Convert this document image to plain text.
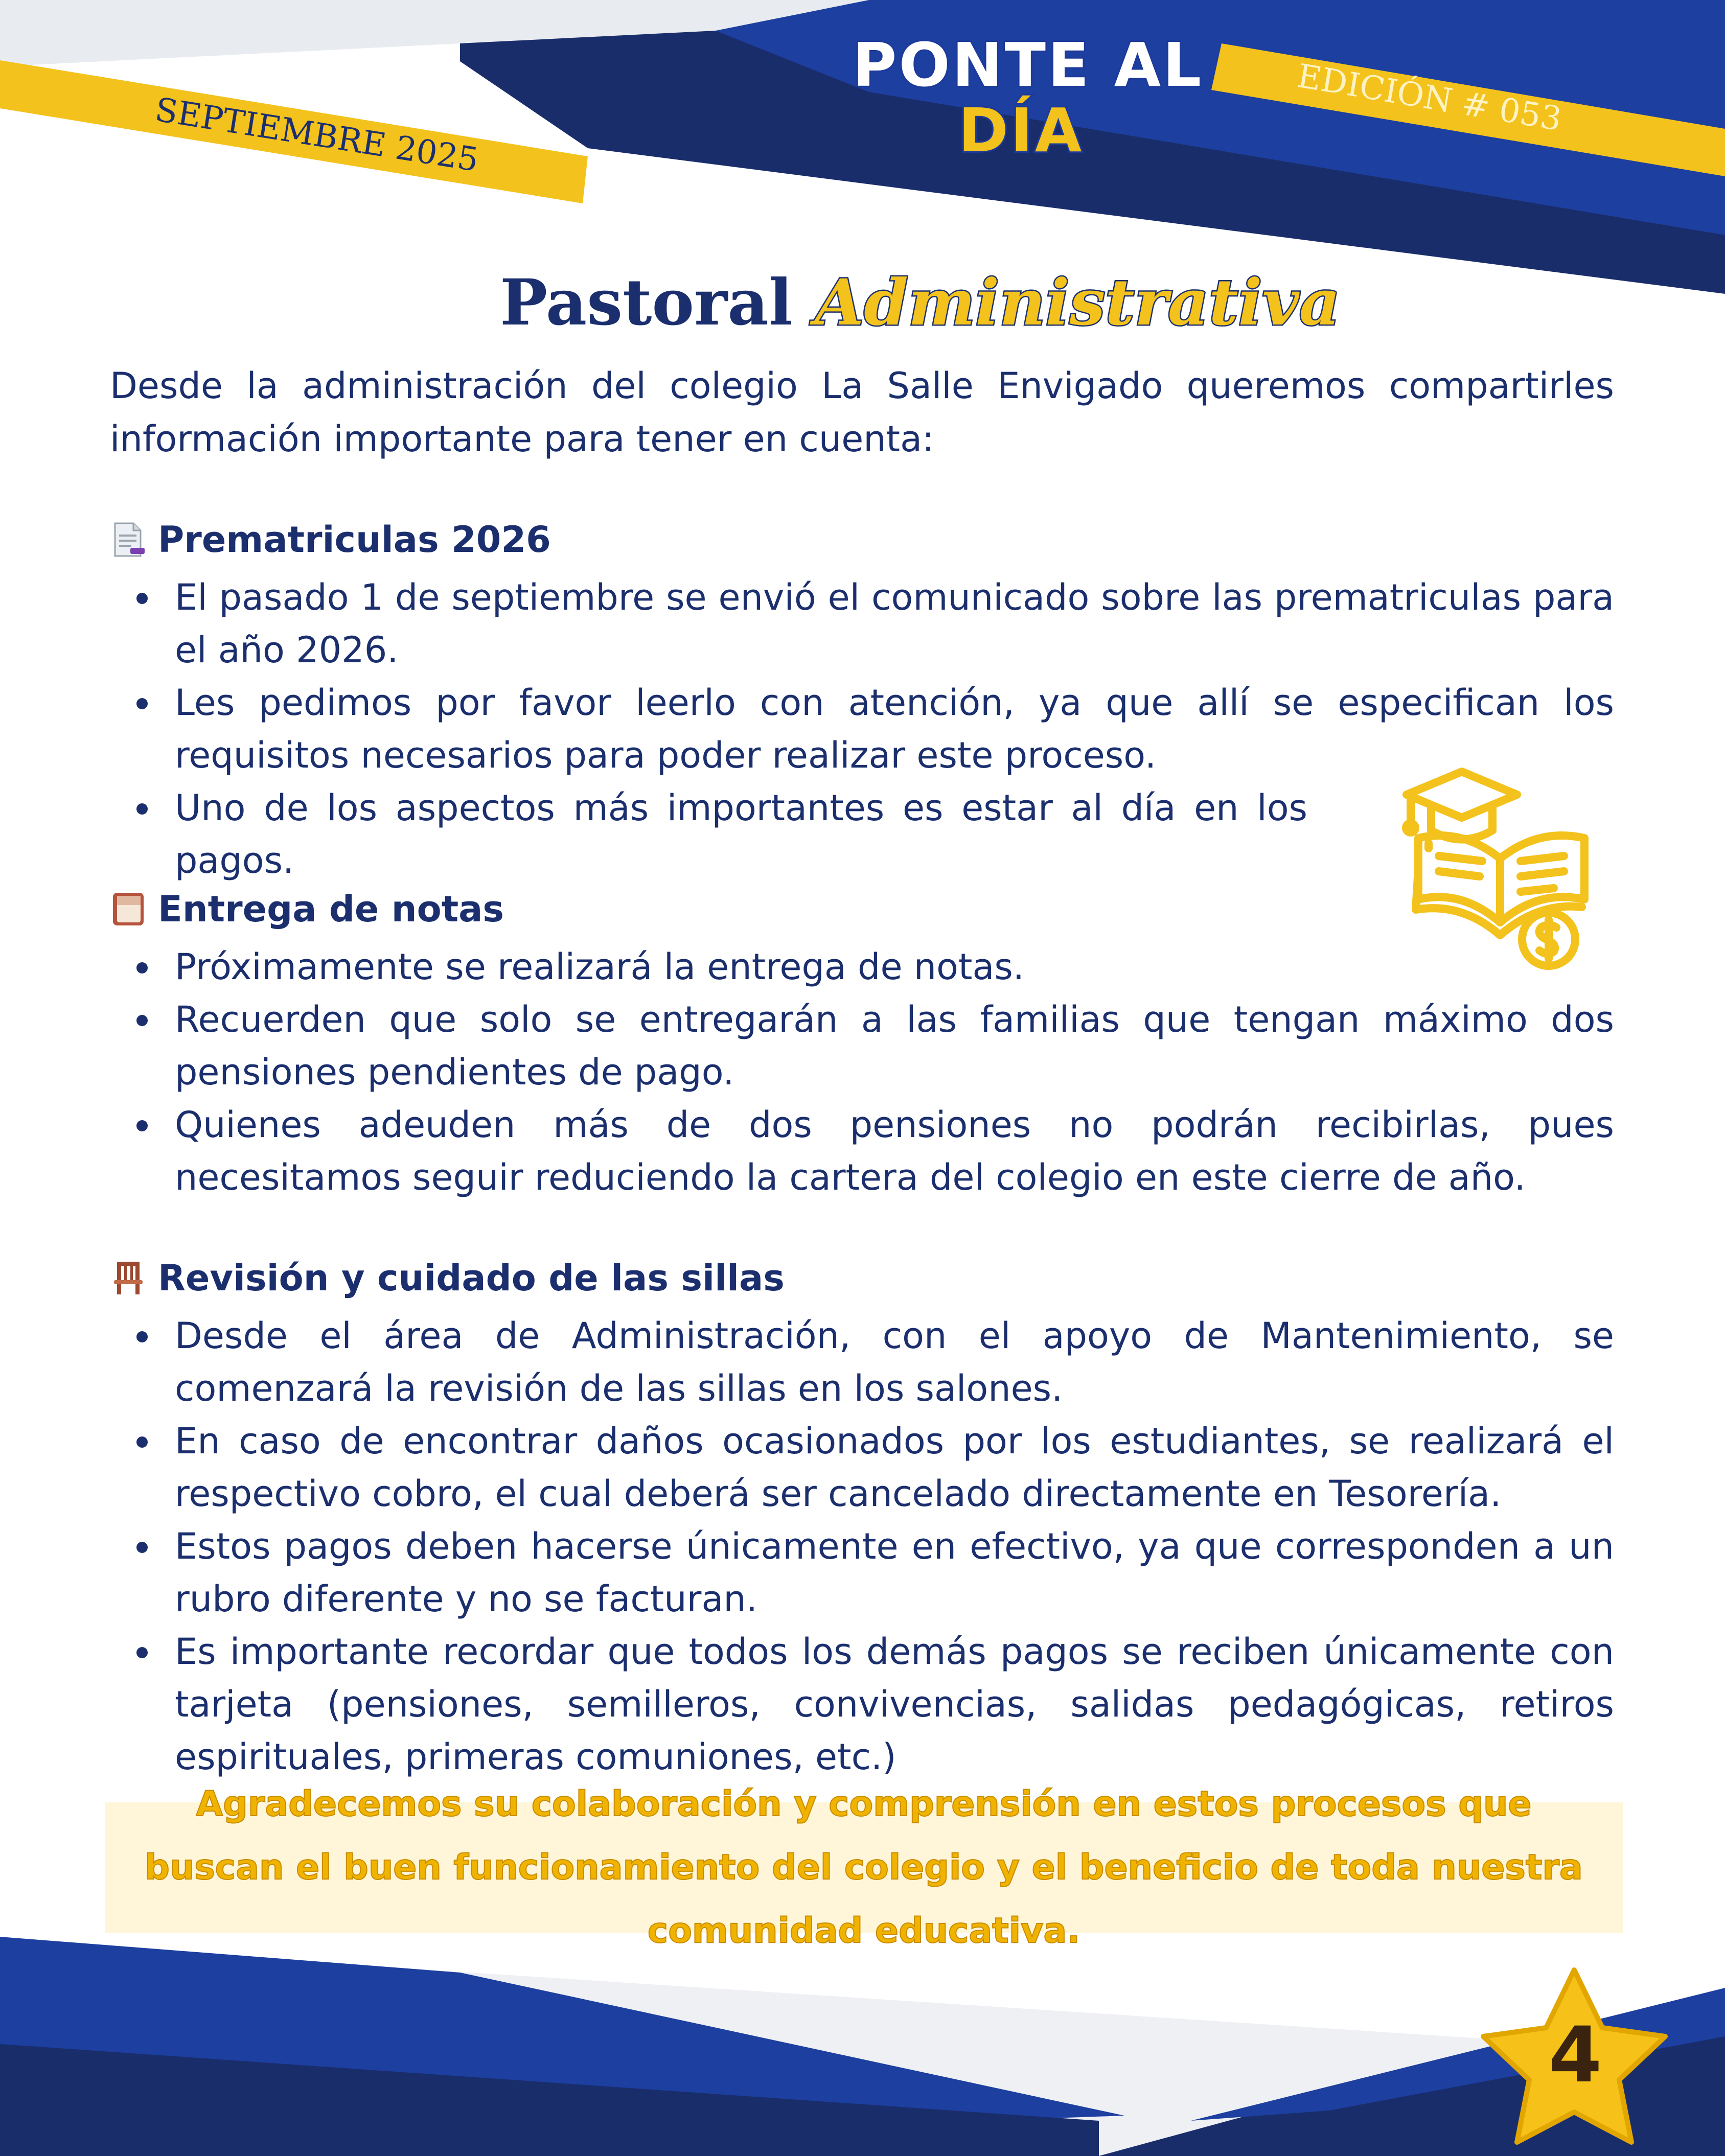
PONTE AL
DÍA
SEPTIEMBRE 2025	EDICIÓN # 053
Pastoral Administrativa
Desde la administración del colegio La Salle Envigado queremos compartirles información importante para tener en cuenta:
Prematriculas 2026
El pasado 1 de septiembre se envió el comunicado sobre las prematriculas para el año 2026.
Les pedimos por favor leerlo con atención, ya que allí se especifican los requisitos necesarios para poder realizar este proceso.
Uno de los aspectos más importantes es estar al día en los pagos.
Entrega de notas
Próximamente se realizará la entrega de notas.
Recuerden que solo se entregarán a las familias que tengan máximo dos pensiones pendientes de pago.
Quienes adeuden más de dos pensiones no podrán recibirlas, pues necesitamos seguir reduciendo la cartera del colegio en este cierre de año.
Revisión y cuidado de las sillas
Desde el área de Administración, con el apoyo de Mantenimiento, se comenzará la revisión de las sillas en los salones.
En caso de encontrar daños ocasionados por los estudiantes, se realizará el respectivo cobro, el cual deberá ser cancelado directamente en Tesorería.
Estos pagos deben hacerse únicamente en efectivo, ya que corresponden a un rubro diferente y no se facturan.
Es importante recordar que todos los demás pagos se reciben únicamente con tarjeta (pensiones, semilleros, convivencias, salidas pedagógicas, retiros espirituales, primeras comuniones, etc.)
Agradecemos su colaboración y comprensión en estos procesos que buscan el buen funcionamiento del colegio y el beneficio de toda nuestra comunidad educativa.
4
